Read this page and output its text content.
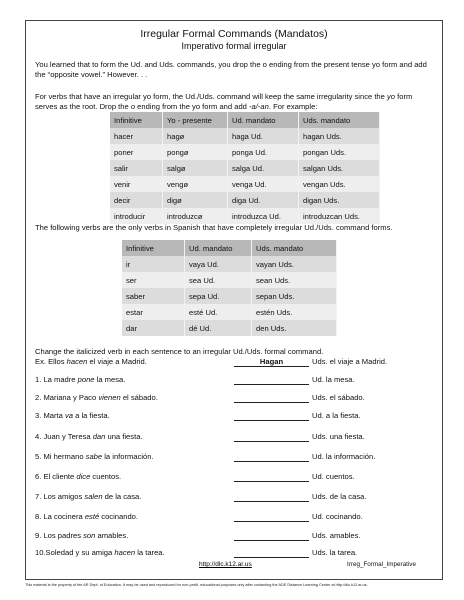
Irregular Formal Commands (Mandatos)
Imperativo formal irregular
You learned that to form the Ud. and Uds. commands, you drop the o ending from the present tense yo form and add the “opposite vowel.” However. . .
For verbs that have an irregular yo form, the Ud./Uds. command will keep the same irregularity since the yo form serves as the root. Drop the o ending from the yo form and add -a/-an. For example:
Infinitive	Yo - presente	Ud. mandato	Uds. mandato
hacer	hagø	haga Ud.	hagan Uds.
poner	pongø	ponga Ud.	pongan Uds.
salir	salgø	salga Ud.	salgan Uds.
venir	vengø	venga Ud.	vengan Uds.
decir	digø	diga Ud.	digan Uds.
introducir	introduzcø	introduzca Ud.	introduzcan Uds.
The following verbs are the only verbs in Spanish that have completely irregular Ud./Uds. command forms.
Infinitive	Ud. mandato	Uds. mandato
ir	vaya Ud.	vayan Uds.
ser	sea Ud.	sean Uds.
saber	sepa Ud.	sepan Uds.
estar	esté Ud.	estén Uds.
dar	dé Ud.	den Uds.
Change the italicized verb in each sentence to an irregular Ud./Uds. formal command.
Ex. Ellos hacen el viaje a Madrid.	Hagan	Uds. el viaje a Madrid.
1. La madre pone la mesa.	Ud. la mesa.
2. Mariana y Paco vienen el sábado.	Uds. el sábado.
3. Marta va a la fiesta.	Ud. a la fiesta.
4. Juan y Teresa dan una fiesta.	Uds. una fiesta.
5. Mi hermano sabe la información.	Ud. la información.
6. El cliente dice cuentos.	Ud. cuentos.
7. Los amigos salen de la casa.	Uds. de la casa.
8. La cocinera esté cocinando.	Ud. cocinando.
9. Los padres son amables.	Uds. amables.
10.Soledad y su amiga hacen la tarea.	Uds. la tarea.
http://dlc.k12.ar.us	Irreg_Formal_Imperative
This material is the property of the AR Dept. of Education. It may be used and reproduced for non-profit, educational purposes only after contacting the ADE Distance Learning Center at http://dlc.k12.ar.us..
